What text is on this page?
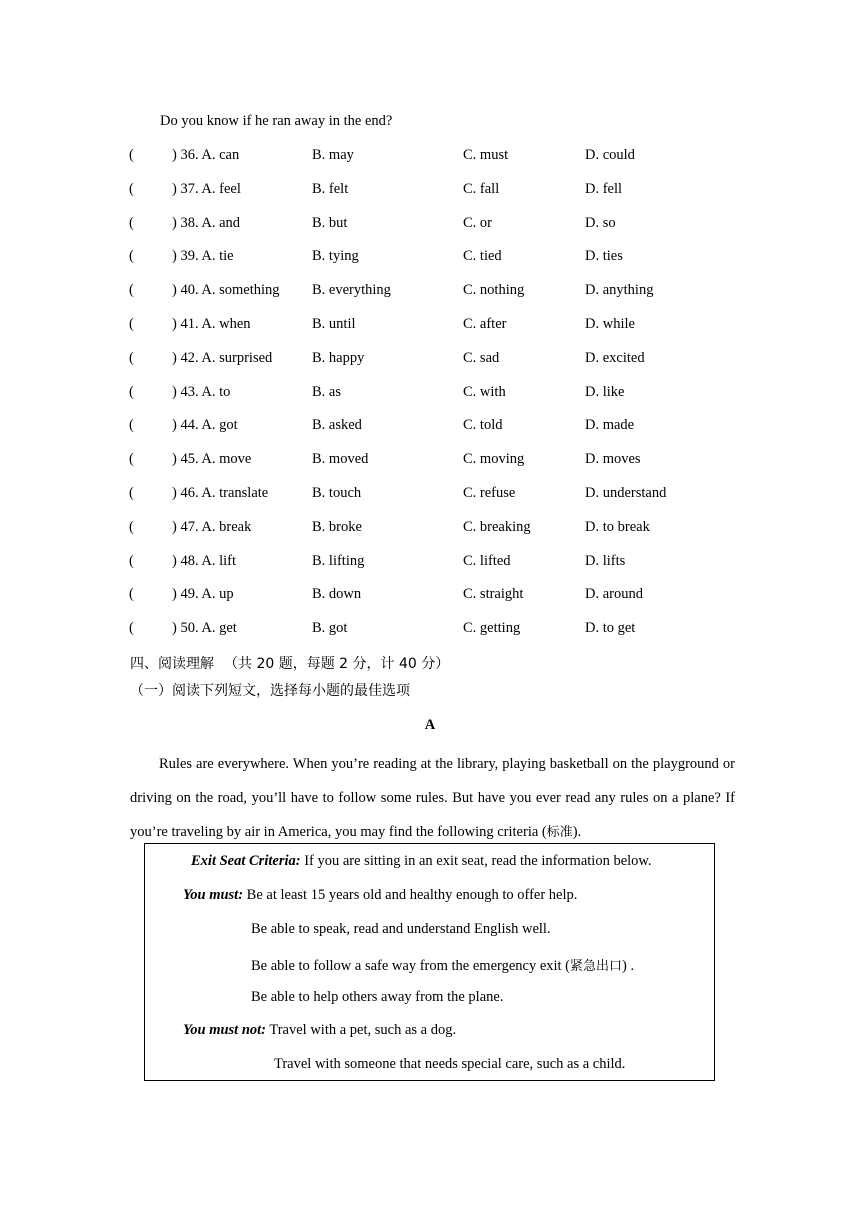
Do you know if he ran away in the end?
(	) 36. A. can	B. may	C. must	D. could
(	) 37. A. feel	B. felt	C. fall	D. fell
(	) 38. A. and	B. but	C. or	D. so
(	) 39. A. tie	B. tying	C. tied	D. ties
(	) 40. A. something B. everything	C. nothing	D. anything
(	) 41. A. when	B. until	C. after	D. while
(	) 42. A. surprised	B. happy	C. sad	D. excited
(	) 43. A. to	B. as	C. with	D. like
(	) 44. A. got	B. asked	C. told	D. made
(	) 45. A. move	B. moved	C. moving	D. moves
(	) 46. A. translate	B. touch	C. refuse	D. understand
(	) 47. A. break	B. broke	C. breaking	D. to break
(	) 48. A. lift	B. lifting	C. lifted	D. lifts
(	) 49. A. up	B. down	C. straight	D. around
(	) 50. A. get	B. got	C. getting	D. to get
四、阅读理解 （共 20 题，每题 2 分，计 40 分）
（一）阅读下列短文，选择每小题的最佳选项
A
Rules are everywhere. When you’re reading at the library, playing basketball on the playground or driving on the road, you’ll have to follow some rules. But have you ever read any rules on a plane? If you’re traveling by air in America, you may find the following criteria (标准).
Exit Seat Criteria: If you are sitting in an exit seat, read the information below.
You must: Be at least 15 years old and healthy enough to offer help.
Be able to speak, read and understand English well.
Be able to follow a safe way from the emergency exit (紧急出口) .
Be able to help others away from the plane.
You must not: Travel with a pet, such as a dog.
Travel with someone that needs special care, such as a child.
